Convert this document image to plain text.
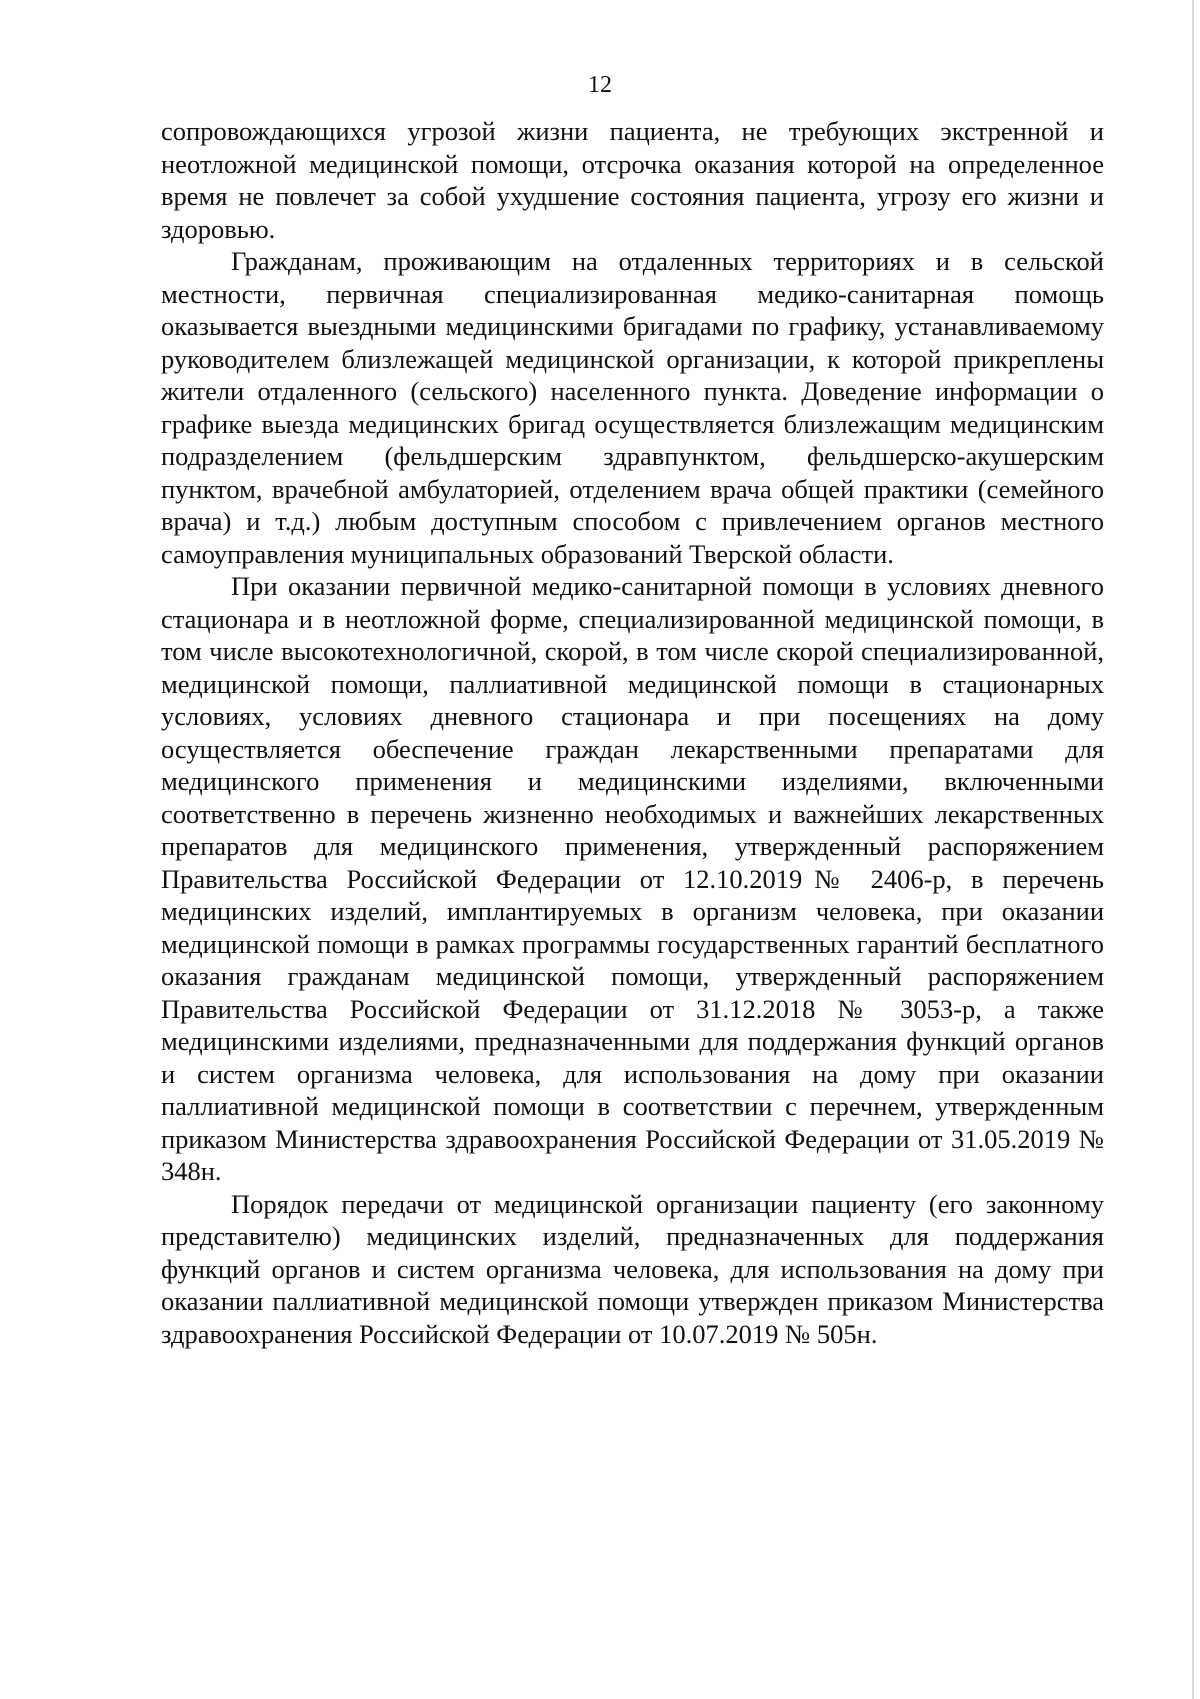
12

сопровождающихся угрозой жизни пациента, не требующих экстренной и неотложной медицинской помощи, отсрочка оказания которой на определенное время не повлечет за собой ухудшение состояния пациента, угрозу его жизни и здоровью.

Гражданам, проживающим на отдаленных территориях и в сельской местности, первичная специализированная медико-санитарная помощь оказывается выездными медицинскими бригадами по графику, устанавливаемому руководителем близлежащей медицинской организации, к которой прикреплены жители отдаленного (сельского) населенного пункта. Доведение информации о графике выезда медицинских бригад осуществляется близлежащим медицинским подразделением (фельдшерским здравпунктом, фельдшерско-акушерским пунктом, врачебной амбулаторией, отделением врача общей практики (семейного врача) и т.д.) любым доступным способом с привлечением органов местного самоуправления муниципальных образований Тверской области.

При оказании первичной медико-санитарной помощи в условиях дневного стационара и в неотложной форме, специализированной медицинской помощи, в том числе высокотехнологичной, скорой, в том числе скорой специализированной, медицинской помощи, паллиативной медицинской помощи в стационарных условиях, условиях дневного стационара и при посещениях на дому осуществляется обеспечение граждан лекарственными препаратами для медицинского применения и медицинскими изделиями, включенными соответственно в перечень жизненно необходимых и важнейших лекарственных препаратов для медицинского применения, утвержденный распоряжением Правительства Российской Федерации от 12.10.2019№ 2406-р, в перечень медицинских изделий, имплантируемых в организм человека, при оказании медицинской помощи в рамках программы государственных гарантий бесплатного оказания гражданам медицинской помощи, утвержденный распоряжением Правительства Российской Федерации от 31.12.2018 № 3053-р, а также медицинскими изделиями, предназначенными для поддержания функций органов и систем организма человека, для использования на дому при оказании паллиативной медицинской помощи в соответствии с перечнем, утвержденным приказом Министерства здравоохранения Российской Федерации от 31.05.2019 № 348н.

Порядок передачи от медицинской организации пациенту (его законному представителю) медицинских изделий, предназначенных для поддержания функций органов и систем организма человека, для использования на дому при оказании паллиативной медицинской помощи утвержден приказом Министерства здравоохранения Российской Федерации от 10.07.2019 № 505н.
